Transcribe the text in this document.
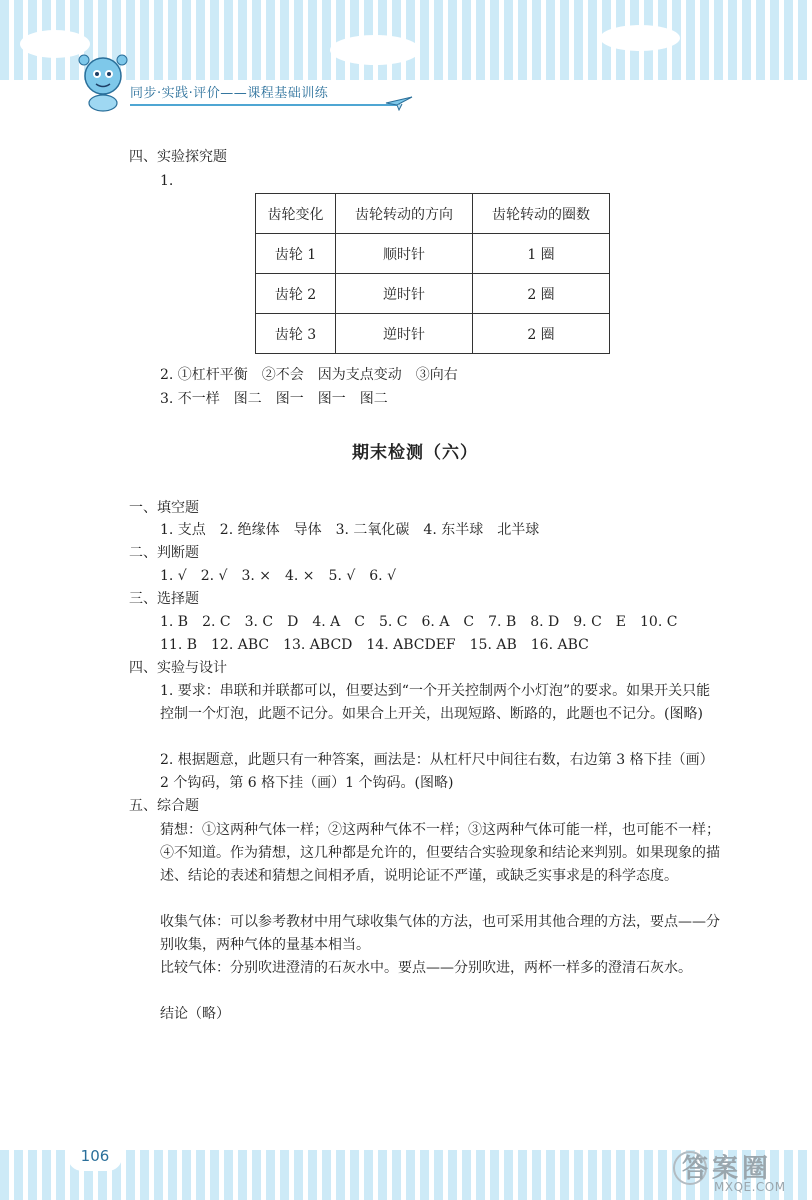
同步·实践·评价——课程基础训练
四、实验探究题
1.
齿轮变化	齿轮转动的方向	齿轮转动的圈数
齿轮 1	顺时针	1 圈
齿轮 2	逆时针	2 圈
齿轮 3	逆时针	2 圈
2. ①杠杆平衡　②不会　因为支点变动　③向右
3. 不一样　图二　图一　图一　图二
期末检测（六）
一、填空题
1. 支点　2. 绝缘体　导体　3. 二氧化碳　4. 东半球　北半球
二、判断题
1. √　2. √　3. ×　4. ×　5. √　6. √
三、选择题
1. B　2. C　3. C　D　4. A　C　5. C　6. A　C　7. B　8. D　9. C　E　10. C
11. B　12. ABC　13. ABCD　14. ABCDEF　15. AB　16. ABC
四、实验与设计
1. 要求：串联和并联都可以，但要达到“一个开关控制两个小灯泡”的要求。如果开关只能控制一个灯泡，此题不记分。如果合上开关，出现短路、断路的，此题也不记分。(图略)
2. 根据题意，此题只有一种答案，画法是：从杠杆尺中间往右数，右边第 3 格下挂（画）2 个钩码，第 6 格下挂（画）1 个钩码。(图略)
五、综合题
猜想：①这两种气体一样；②这两种气体不一样；③这两种气体可能一样，也可能不一样；④不知道。作为猜想，这几种都是允许的，但要结合实验现象和结论来判别。如果现象的描述、结论的表述和猜想之间相矛盾，说明论证不严谨，或缺乏实事求是的科学态度。
收集气体：可以参考教材中用气球收集气体的方法，也可采用其他合理的方法，要点——分别收集，两种气体的量基本相当。
比较气体：分别吹进澄清的石灰水中。要点——分别吹进，两杯一样多的澄清石灰水。
结论（略）
106	答案圈
MXQE.COM
